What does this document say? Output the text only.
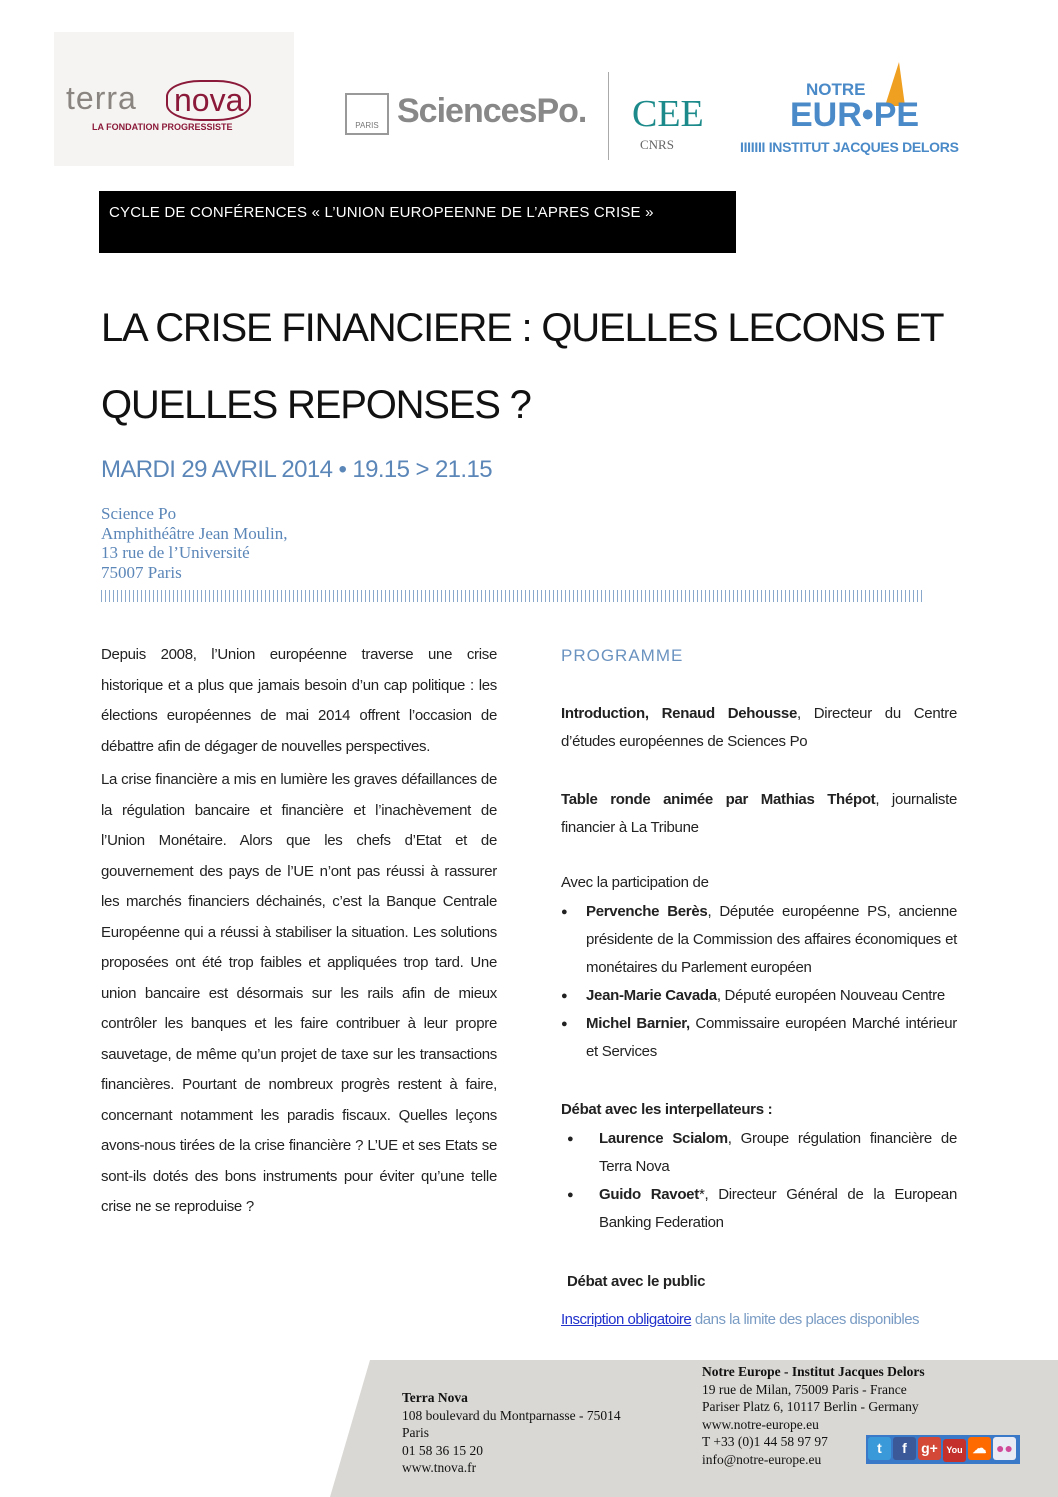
terra nova
LA FONDATION PROGRESSISTE	PARIS SciencesPo. CEE
CNRS
NOTRE
EUR•PE
IIIIIII INSTITUT JACQUES DELORS
CYCLE DE CONFÉRENCES « L’UNION EUROPEENNE DE L’APRES CRISE »
LA CRISE FINANCIERE : QUELLES LECONS ET
QUELLES REPONSES ?
MARDI 29 AVRIL 2014 • 19.15 > 21.15
Science Po
Amphithéâtre Jean Moulin,
13 rue de l’Université
75007 Paris

Depuis 2008, l’Union européenne traverse une crise historique et a plus que jamais besoin d’un cap politique : les élections européennes de mai 2014 offrent l’occasion de débattre afin de dégager de nouvelles perspectives.

La crise financière a mis en lumière les graves défaillances de la régulation bancaire et financière et l’inachèvement de l’Union Monétaire. Alors que les chefs d’Etat et de gouvernement des pays de l’UE n’ont pas réussi à rassurer les marchés financiers déchainés, c’est la Banque Centrale Européenne qui a réussi à stabiliser la situation. Les solutions proposées ont été trop faibles et appliquées trop tard. Une union bancaire est désormais sur les rails afin de mieux contrôler les banques et les faire contribuer à leur propre sauvetage, de même qu’un projet de taxe sur les transactions financières. Pourtant de nombreux progrès restent à faire, concernant notamment les paradis fiscaux. Quelles leçons avons-nous tirées de la crise financière ? L’UE et ses Etats se sont-ils dotés des bons instruments pour éviter qu’une telle crise ne se reproduise ?

PROGRAMME

Introduction, Renaud Dehousse, Directeur du Centre d’études européennes de Sciences Po

Table ronde animée par Mathias Thépot, journaliste financier à La Tribune

Avec la participation de

● Pervenche Berès, Députée européenne PS, ancienne présidente de la Commission des affaires économiques et monétaires du Parlement européen
● Jean-Marie Cavada, Député européen Nouveau Centre
● Michel Barnier, Commissaire européen Marché intérieur et Services

Débat avec les interpellateurs :

● Laurence Scialom, Groupe régulation financière de Terra Nova
● Guido Ravoet*, Directeur Général de la European Banking Federation

Débat avec le public

Inscription obligatoire dans la limite des places disponibles

Terra Nova
108 boulevard du Montparnasse - 75014
Paris
01 58 36 15 20
www.tnova.fr
Notre Europe - Institut Jacques Delors
19 rue de Milan, 75009 Paris - France
Pariser Platz 6, 10117 Berlin - Germany
www.notre-europe.eu
T +33 (0)1 44 58 97 97
info@notre-europe.eu
t f g+ You ☁ ●●
